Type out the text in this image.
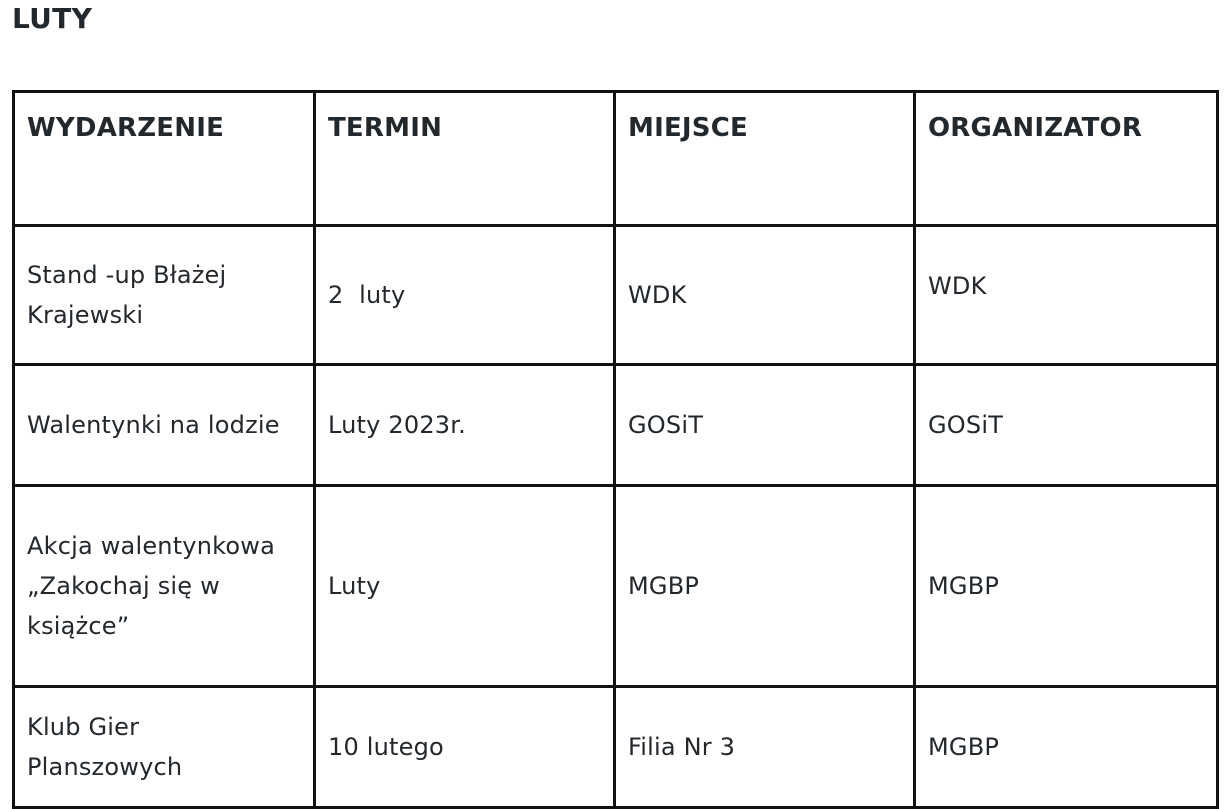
LUTY
WYDARZENIE	TERMIN	MIEJSCE	ORGANIZATOR
Stand -up Błażej Krajewski	2  luty	WDK	WDK
Walentynki na lodzie	Luty 2023r.	GOSiT	GOSiT
Akcja walentynkowa „Zakochaj się w książce”	Luty	MGBP	MGBP
Klub Gier Planszowych	10 lutego	Filia Nr 3	MGBP
